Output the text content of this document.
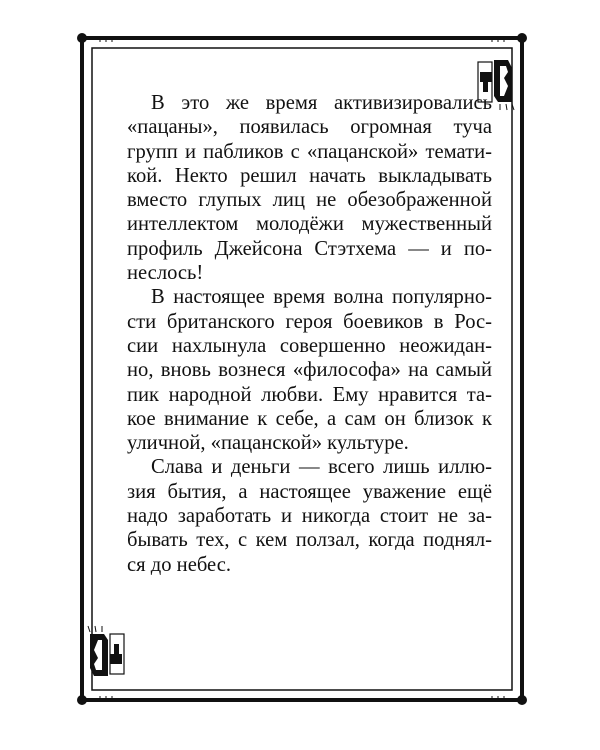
В это же время активизировались
«пацаны», появилась огромная туча
групп и пабликов с «пацанской» темати-
кой. Некто решил начать выкладывать
вместо глупых лиц не обезображенной
интеллектом молодёжи мужественный
профиль Джейсона Стэтхема — и по-
неслось!
В настоящее время волна популярно-
сти британского героя боевиков в Рос-
сии нахлынула совершенно неожидан-
но, вновь вознеся «философа» на самый
пик народной любви. Ему нравится та-
кое внимание к себе, а сам он близок к
уличной, «пацанской» культуре.
Слава и деньги — всего лишь иллю-
зия бытия, а настоящее уважение ещё
надо заработать и никогда стоит не за-
бывать тех, с кем ползал, когда поднял-
ся до небес.
